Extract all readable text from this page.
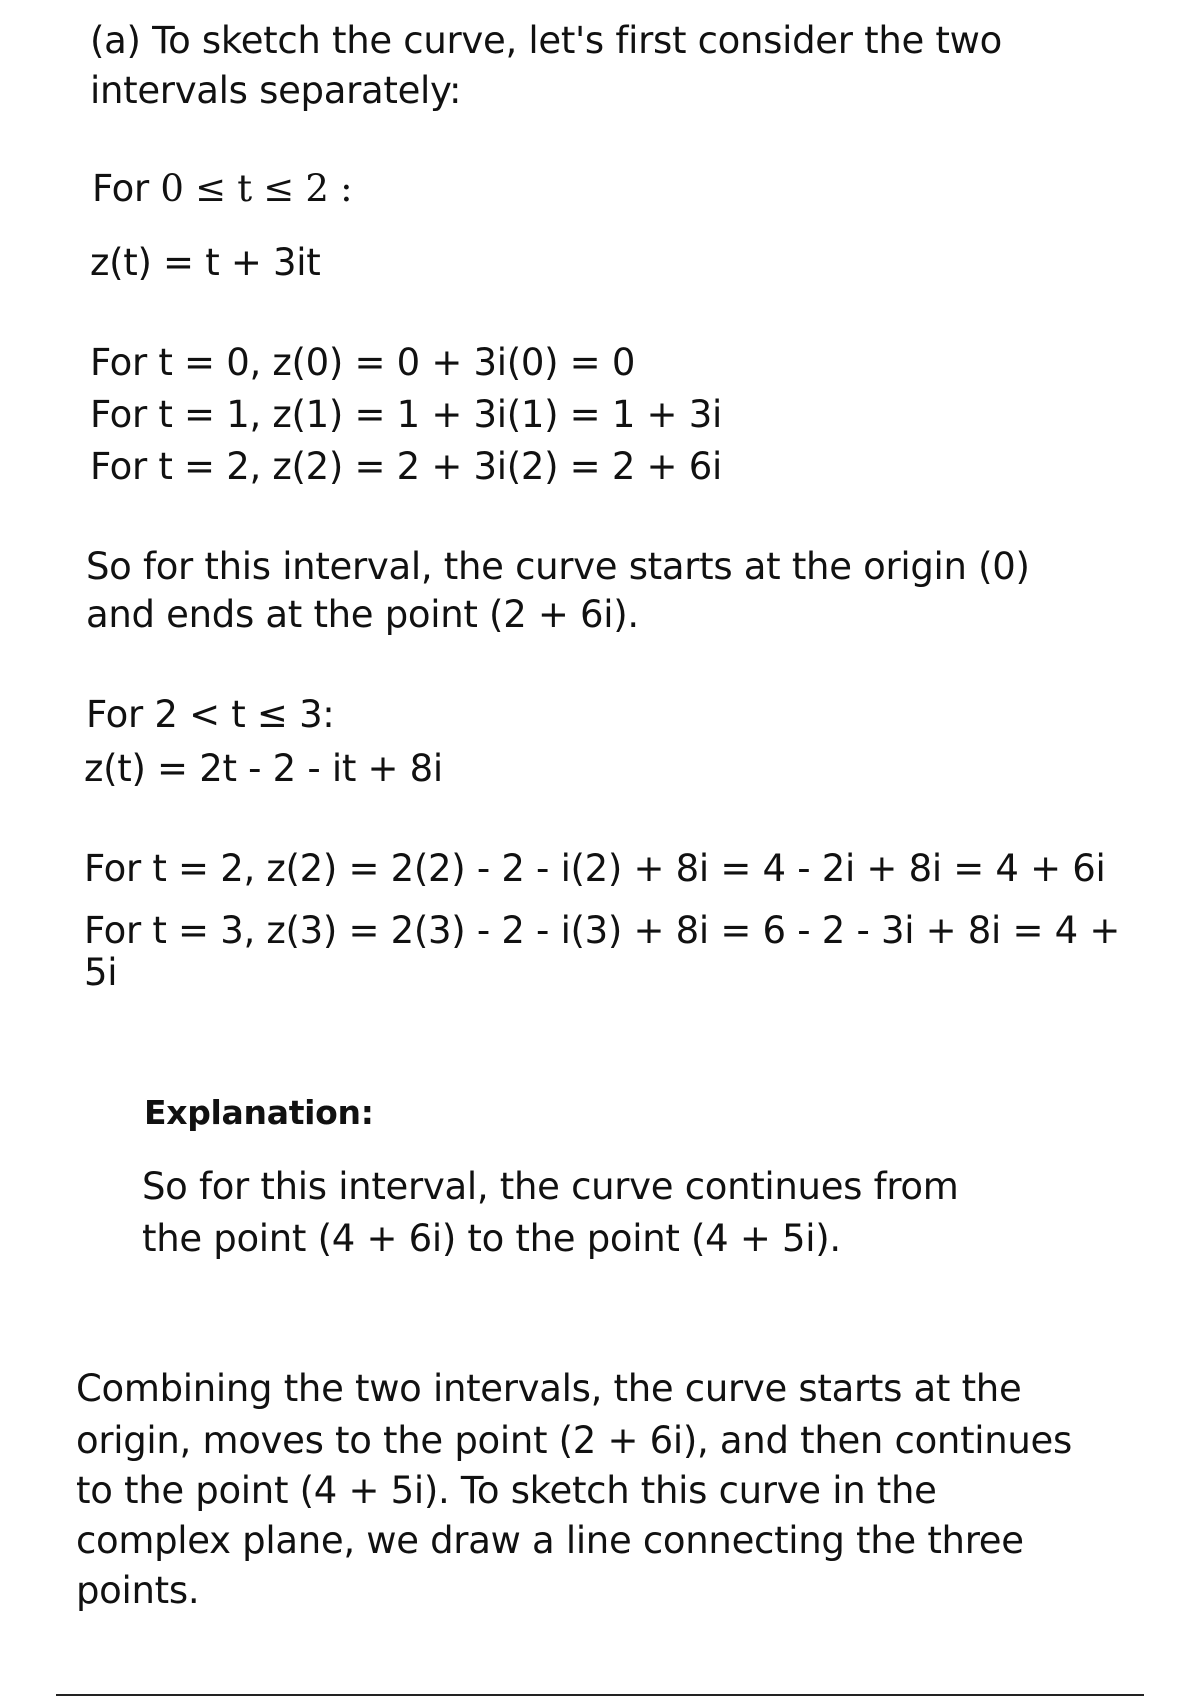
(a) To sketch the curve, let's first consider the two
intervals separately:
For 0 ≤ t ≤ 2 :
z(t) = t + 3it
For t = 0, z(0) = 0 + 3i(0) = 0
For t = 1, z(1) = 1 + 3i(1) = 1 + 3i
For t = 2, z(2) = 2 + 3i(2) = 2 + 6i
So for this interval, the curve starts at the origin (0)
and ends at the point (2 + 6i).
For 2 < t ≤ 3:
z(t) = 2t - 2 - it + 8i
For t = 2, z(2) = 2(2) - 2 - i(2) + 8i = 4 - 2i + 8i = 4 + 6i
For t = 3, z(3) = 2(3) - 2 - i(3) + 8i = 6 - 2 - 3i + 8i = 4 +
5i
Explanation:
So for this interval, the curve continues from
the point (4 + 6i) to the point (4 + 5i).
Combining the two intervals, the curve starts at the
origin, moves to the point (2 + 6i), and then continues
to the point (4 + 5i). To sketch this curve in the
complex plane, we draw a line connecting the three
points.
